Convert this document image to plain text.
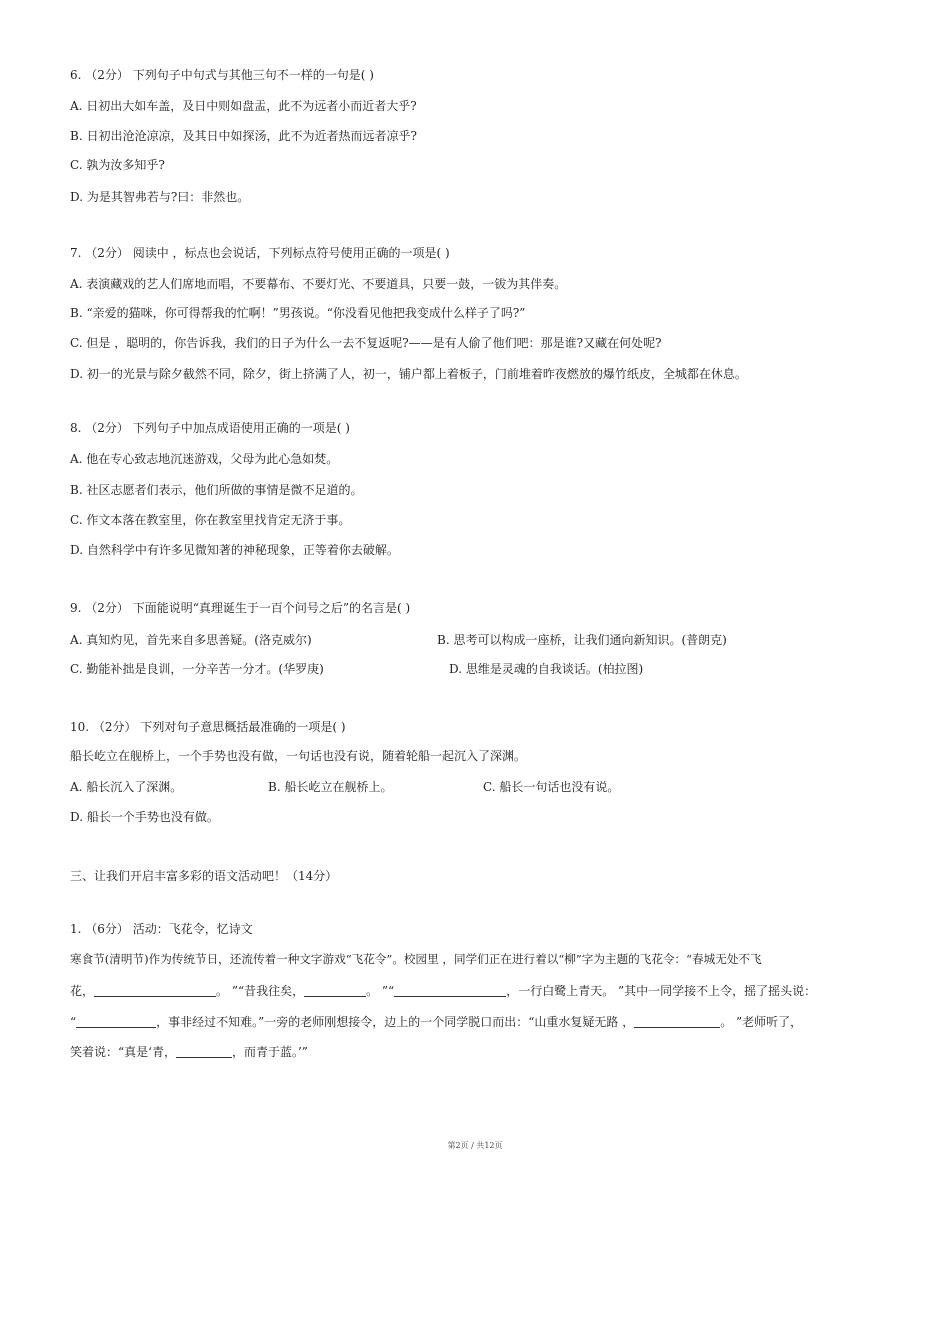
6. （2分） 下列句子中句式与其他三句不一样的一句是( )
A. 日初出大如车盖，及日中则如盘盂，此不为远者小而近者大乎?
B. 日初出沧沧凉凉，及其日中如探汤，此不为近者热而远者凉乎?
C. 孰为汝多知乎?
D. 为是其智弗若与?曰：非然也。
7. （2分） 阅读中 ，标点也会说话，下列标点符号使用正确的一项是( )
A. 表演藏戏的艺人们席地而唱，不要幕布、不要灯光、不要道具，只要一鼓，一钹为其伴奏。
B. “亲爱的猫咪，你可得帮我的忙啊！”男孩说。“你没看见他把我变成什么样子了吗?”
C. 但是 ，聪明的，你告诉我，我们的日子为什么一去不复返呢?——是有人偷了他们吧：那是谁?又藏在何处呢?
D. 初一的光景与除夕截然不同，除夕，街上挤满了人，初一，铺户都上着板子，门前堆着昨夜燃放的爆竹纸皮，全城都在休息。
8. （2分） 下列句子中加点成语使用正确的一项是( )
A. 他在专心致志地沉迷游戏，父母为此心急如焚。
B. 社区志愿者们表示，他们所做的事情是微不足道的。
C. 作文本落在教室里，你在教室里找肯定无济于事。
D. 自然科学中有许多见微知著的神秘现象，正等着你去破解。
9. （2分） 下面能说明“真理诞生于一百个问号之后”的名言是( )
A. 真知灼见，首先来自多思善疑。(洛克威尔)	B. 思考可以构成一座桥，让我们通向新知识。(普朗克)
C. 勤能补拙是良训，一分辛苦一分才。(华罗庚)	D. 思维是灵魂的自我谈话。(柏拉图)
10. （2分） 下列对句子意思概括最准确的一项是( )
船长屹立在舰桥上，一个手势也没有做，一句话也没有说，随着轮船一起沉入了深渊。
A. 船长沉入了深渊。	B. 船长屹立在舰桥上。	C. 船长一句话也没有说。
D. 船长一个手势也没有做。
三、让我们开启丰富多彩的语文活动吧！（14分）
1. （6分） 活动：飞花令，忆诗文
寒食节(清明节)作为传统节日，还流传着一种文字游戏“飞花令”。校园里 ，同学们正在进行着以“柳”字为主题的飞花令：“春城无处不飞
花，	。 ”“昔我往矣，	。 ”“	，一行白鹭上青天。 ”其中一同学接不上令，摇了摇头说：
“	，事非经过不知难。”一旁的老师刚想接令，边上的一个同学脱口而出：“山重水复疑无路 ，	。 ”老师听了，
笑着说：“真是‘青，	，而青于蓝。’”
第2页 / 共12页
